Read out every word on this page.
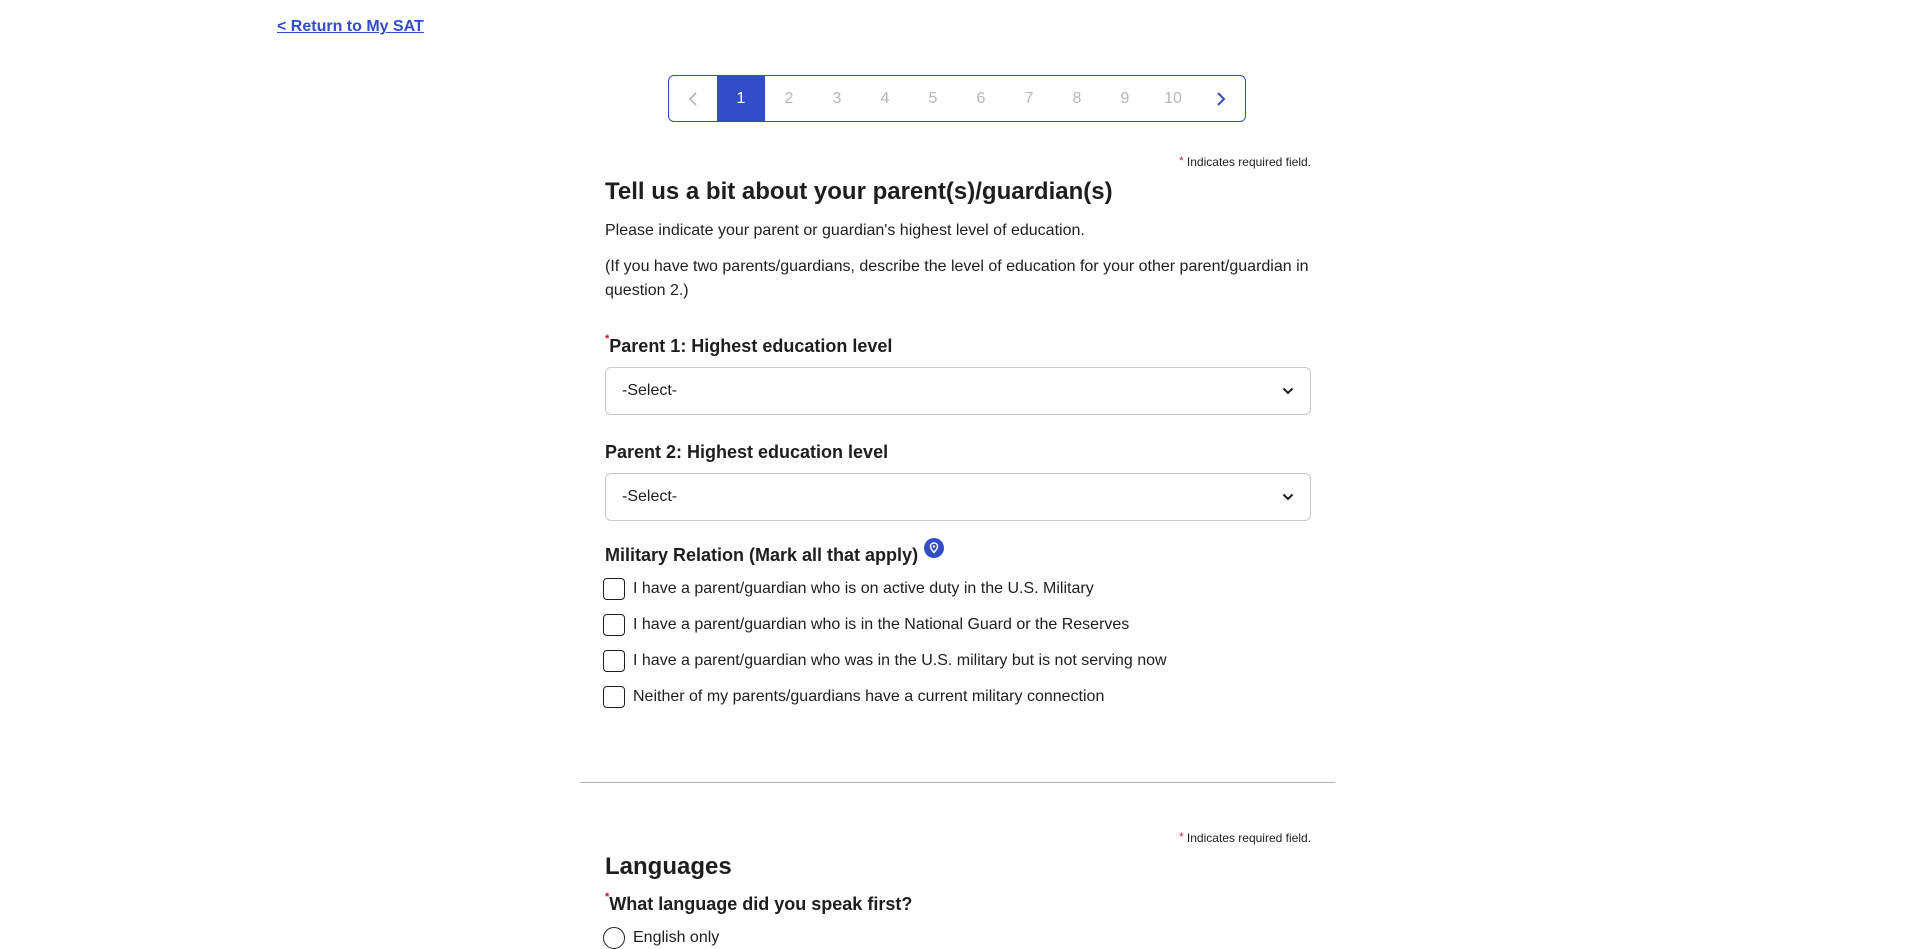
< Return to My SAT
1	2	3	4	5	6	7	8	9	10
* Indicates required field.
Tell us a bit about your parent(s)/guardian(s)

Please indicate your parent or guardian's highest level of education.

(If you have two parents/guardians, describe the level of education for your other parent/guardian in question 2.)

*Parent 1: Highest education level
-Select-
Parent 2: Highest education level
-Select-
Military Relation (Mark all that apply)
I have a parent/guardian who is on active duty in the U.S. Military
I have a parent/guardian who is in the National Guard or the Reserves
I have a parent/guardian who was in the U.S. military but is not serving now
Neither of my parents/guardians have a current military connection
* Indicates required field.
Languages
*What language did you speak first?
English only
